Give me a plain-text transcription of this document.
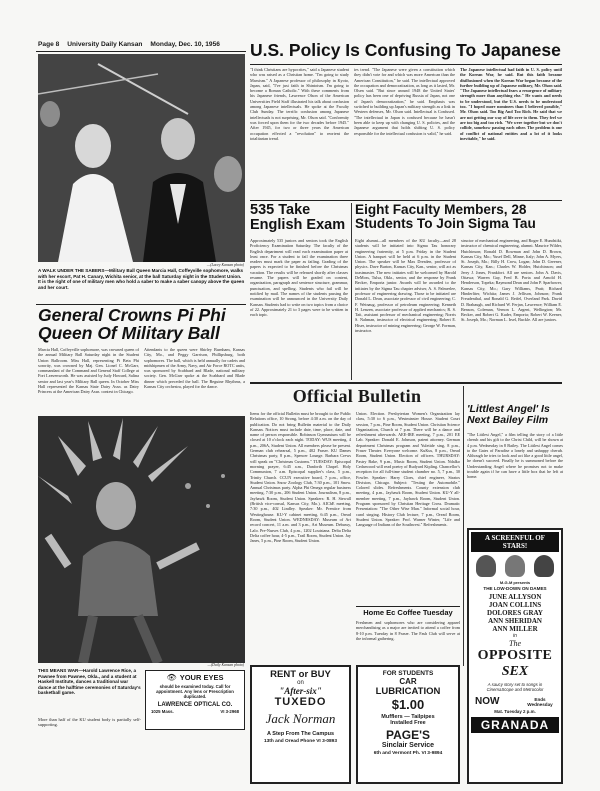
Page 8 University Daily Kansan Monday, Dec. 10, 1956
—(Lacey Kansan photo)
A WALK UNDER THE SABERS—Military Ball Queen Marcia Hall, Coffeyville sophomore, walks with her escort, Pat H. Canary, Wichita senior, at the ball Saturday night in the Student Union. It is the right of one of military men who hold a saber to make a saber canopy above the queen and her court.
U.S. Policy Is Confusing To Japanese
"I think Christians are hypocrites," said a Japanese student who was raised as a Christian home. "I'm going to study Marxism." A Japanese professor of philosophy in Kyoto, Japan, said, "I've just faith in Shintoism. I'm going to become a Roman Catholic." With these comments from his Japanese friends, Lawrence Olson of the American Universities Field Staff illustrated his talk about confusion among Japanese intellectuals. He spoke at the Faculty Club Sunday. The terrific confusion among Japanese intellectuals is not surprising, Mr. Olson said. "Conformity was forced upon them for the two decades before 1945." After 1945, for two or three years the American occupation effected a "revolution" to reorient the totalitarian trend.
ies trend. "The Japanese were given a constitution which they didn't vote for and which was more American than the American Constitution," he said. The intellectual approved the occupation and democratization, as long as it lasted, Mr. Olsen said. "But since around 1948 the United States' policy has been one of depriving Russia of Japan, not one of Japan's democratization," he said. Emphasis was switched to building up Japan's military strength as a link in Western defenses, Mr. Olson said. Intellectual is Confused. "The intellectual in Japan is confused because he hasn't been able to keep up with changing U. S. policies, and the Japanese argument that holds shifting U. S. policy responsible for the intellectual confusion is valid," he said.
The Japanese intellectual had faith in U. S. policy until the Korean War, he said. But this faith became disillusioned when the Korean War began because of the further building up of Japanese military, Mr. Olson said. "The Japanese intellectual fears a resurgence of military strength more than anything else." He wants and needs to be understood, but the U.S. needs to be understood too. "I hoped more nominees than I believed possible," Mr. Olson said. Too Big And Too Rich. He said that we are not getting our way of life over to them. They feel we are too big and too rich. "We were together but we don't collide, somehow passing each other. The problem is one of conflict of national entities and a lot of it looks inevitable," he said.
535 Take English Exam
Approximately 535 juniors and seniors took the English Proficiency Examination Saturday. The faculty of the English department will read each examination paper at least once. For a student to fail the examination three readers must mark the paper as failing. Grading of the papers is expected to be finished before the Christmas vacation. The results will be released shortly after classes resume. The papers will be graded on content, organization, paragraph and sentence structure, grammar, punctuation, and spelling. Students who fail will be notified by mail. The names of the students passing the examination will be announced in the University Daily Kansan. Students had to write on two topics from a choice of 22. Approximately 21 to 3 pages were to be written in each topic.
Eight Faculty Members, 28 Students To Join Sigma Tau
Eight alumni—all members of the KU faculty—and 28 students will be initiated into Sigma Tau honorary engineering fraternity, at 5 p.m. Friday in the Student Union. A banquet will be held at 6 p.m. in the Student Union. The speaker will be Max Dresden, professor of physics. Dave Burton, Kansas City, Kan., senior, will act as toastmaster. The new initiates will be welcomed by Harold DeMoss, Tulsa, Okla., senior, and the response by Frank Becker, Emporia junior. Awards will be awarded to the initiates by the Sigma Tau chapter adviser, A. S. Palmerlee, professor of engineering drawing. Those to be initiated are Donald L. Dean, associate professor of civil engineering; C. F. Weinaug, professor of petroleum engineering; Kenneth H. Lenzen, associate professor of applied mechanics; R. S. Tait, assistant professor of mechanical engineering; Norris S. Nahman, instructor of electrical engineering; Robert E. Hiser, instructor of mining engineering; George W. Forman, instructor.
structor of mechanical engineering, and Roger E. Hundstikt, instructor of chemical engineering, alumni. Maurice Wilder, Hutchinson; Ronald D. Bowman and John D. Brown, Kansas City, Mo.; Yusef Dell, Minne, Italy; John A. Myers, St. Joseph, Mo.; Billy H. Crow, Logan; John D. Greener, Kansas City, Kan.; Charles W. Holder, Hutchinson; and Jerry J. Jones, Frankfort. All are seniors. John A. Davis, Ottawa; Warren Gay, Fred B. Porta and Arnold H. Henderson, Topeka; Raymond Dean and John P. Sparhower, Kansas City, Mo.; Gary Williams, Pratt; Richard Hinderliter, Wichita; James J. Jellison, Johnson; Frank Freudenthal, and Ronald G. Reifel, Overland Park. David D. Brabaugh, and Richard W. Ferjan, Lawrence; William E. Benson, Coleman, Vernon L. Argent, Wellington; Mr. Becker, and Robert G. Kuder, Emporia; Robert W. Keener, St. Joseph, Mo.; Norman L. Irsel, Buckle. All are juniors.
General Crowns Pi Phi Queen Of Military Ball
Marcia Hall, Coffeyville sophomore, was crowned queen of the annual Military Ball Saturday night in the Student Union Ballroom. Miss Hall, representing Pi Beta Phi sorority, was crowned by Maj. Gen. Lionel C. McGarr, commandant of the Command and General Staff College at Fort Leavenworth. He was assisted by Judy Howard, Salina senior and last year's Military Ball queen. In October Miss Hall represented the Kansas State Dairy Assn. as Dairy Princess at the American Dairy Assn. contest in Chicago.
Attendants to the queen were Shirley Burnham, Kansas City, Mo., and Peggy Garrison, Phillipsburg, both sophomores. The ball, which is held annually for cadets and midshipmen of the Army, Navy, and Air Force ROTC units, was sponsored by Scabbard and Blade, national military society. Gen. McGarr spoke at the Scabbard and Blade dinner which preceded the ball. The Beguine Rhythms, a Kansas City orchestra, played for the dance.
—(Daily Kansan photo)
THIS MEANS WAR—Harold Lawrence Rice, a Pawnee from Pawnee, Okla., and a student at Haskell Institute, dances a traditional war dance at the halftime ceremonies of Saturday's basketball game.
More than half of the KU student body is partially self-supporting.
👁 YOUR EYES
should be examined today. Call for appointment. Any lens or Prescription duplicated.
LAWRENCE OPTICAL CO.
1025 Mass.	VI 3-2968
Official Bulletin
Items for the official Bulletin must be brought to the Public Relations office, 10 Strong, before 4:30 a.m. on the day of publication. Do not bring Bulletin material to the Daily Kansan. Notices must include date, time, place, date, and name of person responsible. Robinson Gymnasium will be closed at 10 o'clock each night. TODAY: WUS meeting, 4 p.m., 206A, Student Union. All members please be present. German club rehearsal, 5 p.m., 402 Fraser. KU Dames Christmas party, 8 p.m., Spencer Lounge. Barbara Crews will speak on "Christmas Customs." TUESDAY: Episcopal morning prayer, 6:45 a.m., Danforth Chapel. Holy Communion, 7 a.m. Episcopal supplier's class, 5 p.m., Trinity Church. CCUN executive board, 7 p.m., office, Student Union. Snow Zoology Club, 7:30 p.m., 101 Snow. Annual Christmas party. Alpha Phi Omega regular business meeting, 7:30 p.m., 206 Student Union. Journalism, 8 p.m., Jayhawk Room, Student Union. Speakers: R. H. Siewall (British vice-consul, Kansas City, Mo.). AIChE meeting, 7:30 p.m., 402 Lindley. Speaker: Mr. Prentice from Westinghouse. KU-Y cabinet meeting, 6:45 p.m., Oread Room, Student Union. WEDNESDAY: Museum of Art record concert, 11 a.m. and 3 p.m., Art Museum. Debussy, Lalo. Pre-Nurses Club, 4 p.m., 1202 Louisiana. Delta Delta Delta coffee hour, 4-5 p.m., Trail Room, Student Union. Jay Janes, 5 p.m., Pine Room, Student Union.
Union. Election. Presbyterian Women's Organization lay class, 5:30 to 6 p.m., Westminster House. Student Court session, 7 p.m., Pine Room, Student Union. Christian Science Organization, Church at 7 p.m. There will be a dance and refreshment afterwards. AEE-IRE meeting, 7 p.m., 201 EE Lab. Speaker: Donald E. Johnson, patent attorney. German department Christmas program and Yuletide sing, 8 p.m., Fraser Theater. Everyone welcome. KuKus, 8 p.m., Oread Room, Student Union. Election of officers. THURSDAY: Pastry Bake, 9 p.m., Music Room, Student Union. Ndalko Cedarwood will read poetry of Rudyard Kipling. Chancellor's reception for all full-time student chamber no. 5, 7 p.m., 30 Fowler. Speaker: Harry Cloes, chief engineer, Stratos Division, Chicago. Subject: "Testing the Automobile." Colored slides. Refreshments. County extension club meeting, 4 p.m., Jayhawk Room, Student Union. KU-Y all-member meeting, 7 p.m., Jayhawk Room, Student Union. Program sponsored by Christian Heritage Cross. Dramatic Presentation: "The Other Wise Man." Informal social hour, carol singing. History Club lecture, 7 p.m., Oread Room, Student Union. Speaker: Prof. Warner Winter, "Life and Language of Indians of the Southwest." Refreshments.
Home Ec Coffee Tuesday
Freshmen and sophomores who are considering apparel merchandising as a major are invited to attend a coffee from 8-10 p.m. Tuesday in 8 Fraser. The Fash Club will serve at the informal gathering.
'Littlest Angel' Is Next Bailey Film
"The Littlest Angel," a film telling the story of a little cherub and his gift to the Christ Child, will be shown at 4 p.m. Wednesday in 8 Bailey. The Littlest Angel comes to the Gates of Paradise a lonely and unhappy cherub. Although he tries to look and act like a good little angel, he doesn't succeed. Finally he is summoned before the Understanding Angel where he promises not to make trouble again if he can have a little box that he left at home.
A SCREENFUL OF STARS!
M-G-M presents
THE LOW-DOWN ON DAMES
JUNE ALLYSON
JOAN COLLINS
DOLORES GRAY
ANN SHERIDAN
ANN MILLER
in
The
OPPOSITE
SEX
A saucy story set to songs in CinemaScope and Metrocolor
NOW	Ends Wednesday
Mat. Tuesday 2 p.m.
GRANADA
RENT or BUY
on
"After-six"
TUXEDO
Jack Norman
A Step From The Campus
13th and Oread Phone VI 3-0893
FOR STUDENTS
CAR
LUBRICATION
$1.00
Mufflers — Tailpipes
Installed Free
PAGE'S
Sinclair Service
6th and Vermont Ph. VI 3-9894
